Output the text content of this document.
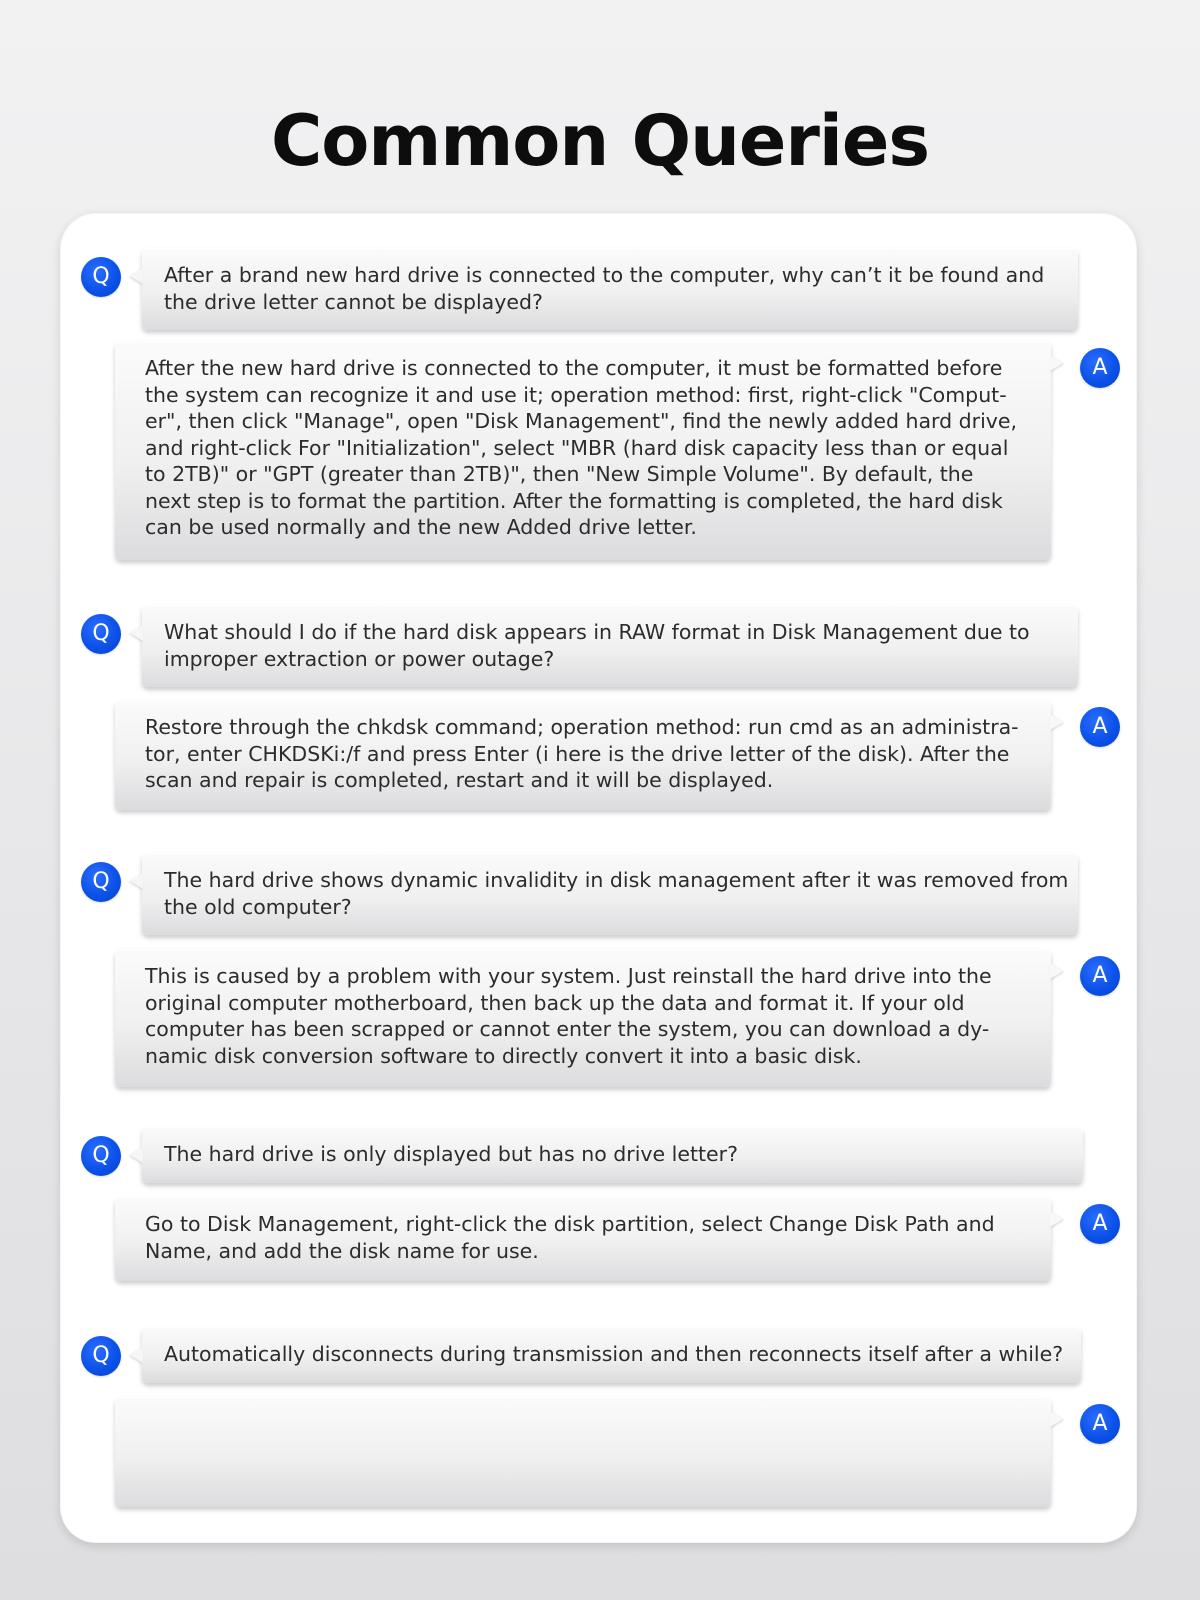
Common Queries
Q	After a brand new hard drive is connected to the computer, why can’t it be found and the drive letter cannot be displayed?
After the new hard drive is connected to the computer, it must be formatted before the system can recognize it and use it; operation method: first, right-click "Comput-er", then click "Manage", open "Disk Management", find the newly added hard drive, and right-click For "Initialization", select "MBR (hard disk capacity less than or equal to 2TB)" or "GPT (greater than 2TB)", then "New Simple Volume". By default, the next step is to format the partition. After the formatting is completed, the hard disk can be used normally and the new Added drive letter.
A
Q	What should I do if the hard disk appears in RAW format in Disk Management due to improper extraction or power outage?
Restore through the chkdsk command; operation method: run cmd as an administra-tor, enter CHKDSKi:/f and press Enter (i here is the drive letter of the disk). After the scan and repair is completed, restart and it will be displayed.
A
Q	The hard drive shows dynamic invalidity in disk management after it was removed from the old computer?
This is caused by a problem with your system. Just reinstall the hard drive into the original computer motherboard, then back up the data and format it. If your old computer has been scrapped or cannot enter the system, you can download a dy-namic disk conversion software to directly convert it into a basic disk.
A
Q	The hard drive is only displayed but has no drive letter?
Go to Disk Management, right-click the disk partition, select Change Disk Path and Name, and add the disk name for use.
A
Q	Automatically disconnects during transmission and then reconnects itself after a while?
A
